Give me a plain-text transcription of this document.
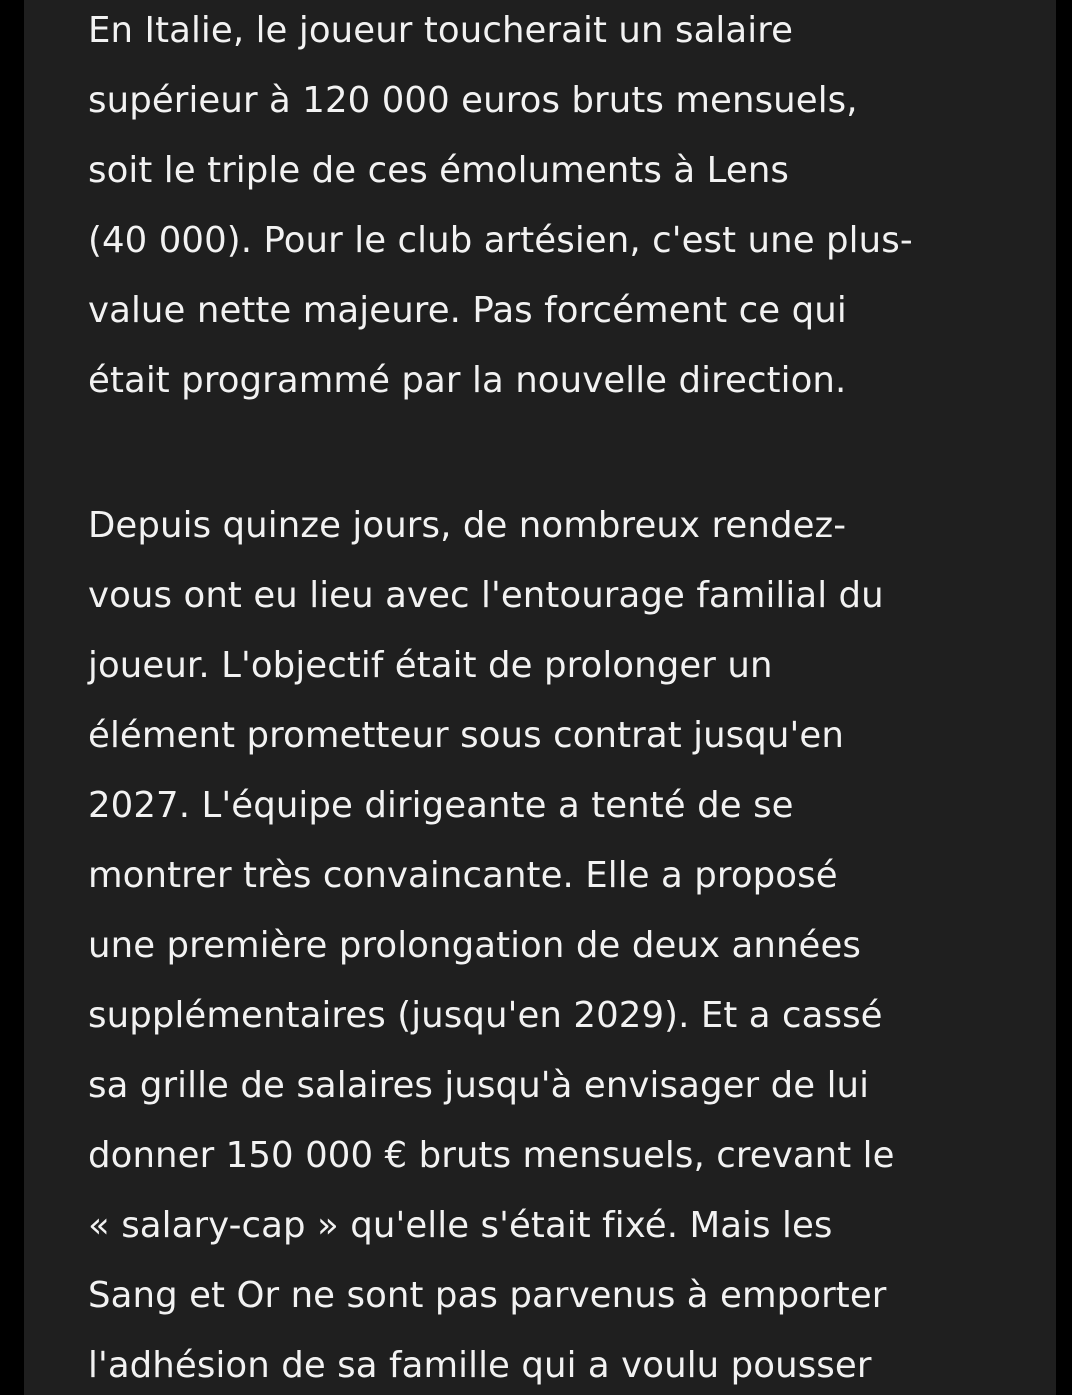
En Italie, le joueur toucherait un salaire
supérieur à 120 000 euros bruts mensuels,
soit le triple de ces émoluments à Lens
(40 000). Pour le club artésien, c'est une plus-
value nette majeure. Pas forcément ce qui
était programmé par la nouvelle direction.
Depuis quinze jours, de nombreux rendez-
vous ont eu lieu avec l'entourage familial du
joueur. L'objectif était de prolonger un
élément prometteur sous contrat jusqu'en
2027. L'équipe dirigeante a tenté de se
montrer très convaincante. Elle a proposé
une première prolongation de deux années
supplémentaires (jusqu'en 2029). Et a cassé
sa grille de salaires jusqu'à envisager de lui
donner 150 000 € bruts mensuels, crevant le
« salary-cap » qu'elle s'était fixé. Mais les
Sang et Or ne sont pas parvenus à emporter
l'adhésion de sa famille qui a voulu pousser
